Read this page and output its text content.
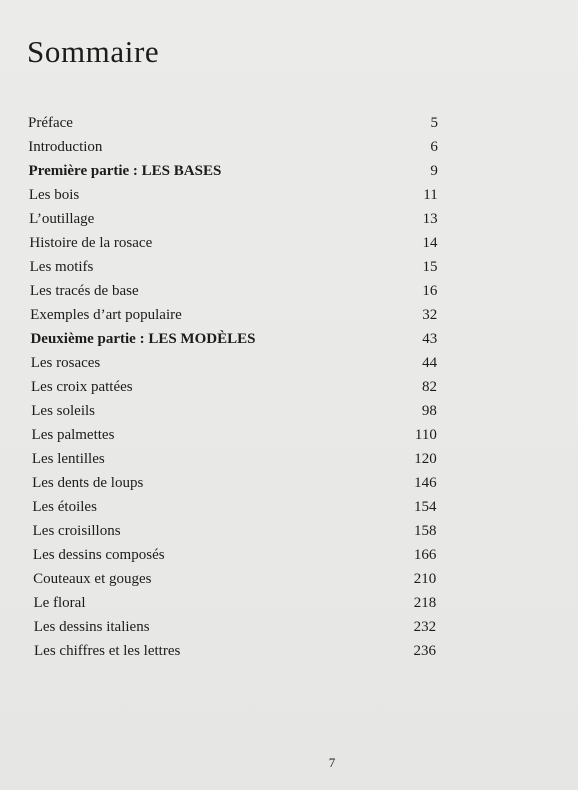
Sommaire
Préface	5
Introduction	6
Première partie : LES BASES	9
Les bois	11
L’outillage	13
Histoire de la rosace	14
Les motifs	15
Les tracés de base	16
Exemples d’art populaire	32
Deuxième partie : LES MODÈLES	43
Les rosaces	44
Les croix pattées	82
Les soleils	98
Les palmettes	110
Les lentilles	120
Les dents de loups	146
Les étoiles	154
Les croisillons	158
Les dessins composés	166
Couteaux et gouges	210
Le floral	218
Les dessins italiens	232
Les chiffres et les lettres	236
7
